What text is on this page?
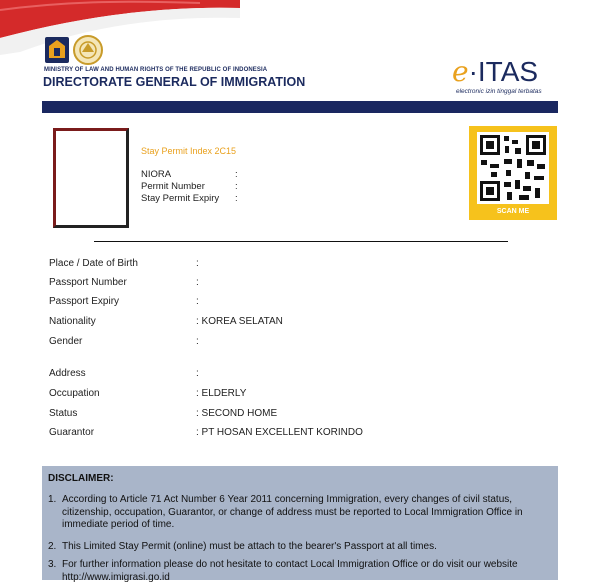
MINISTRY OF LAW AND HUMAN RIGHTS OF THE REPUBLIC OF INDONESIA
DIRECTORATE GENERAL OF IMMIGRATION	e·ITAS
electronic izin tinggal terbatas
Stay Permit Index 2C15
NIORA	:
Permit Number	:
Stay Permit Expiry :
SCAN ME
Place / Date of Birth	:
Passport Number	:
Passport Expiry	:
Nationality	: KOREA SELATAN
Gender	:
Address	:
Occupation	: ELDERLY
Status	: SECOND HOME
Guarantor	: PT HOSAN EXCELLENT KORINDO
DISCLAIMER:
1. According to Article 71 Act Number 6 Year 2011 concerning Immigration, every changes of civil status, citizenship, occupation, Guarantor, or change of address must be reported to Local Immigration Office in immediate period of time.
2. This Limited Stay Permit (online) must be attach to the bearer's Passport at all times.
3. For further information please do not hesitate to contact Local Immigration Office or do visit our website http://www.imigrasi.go.id
